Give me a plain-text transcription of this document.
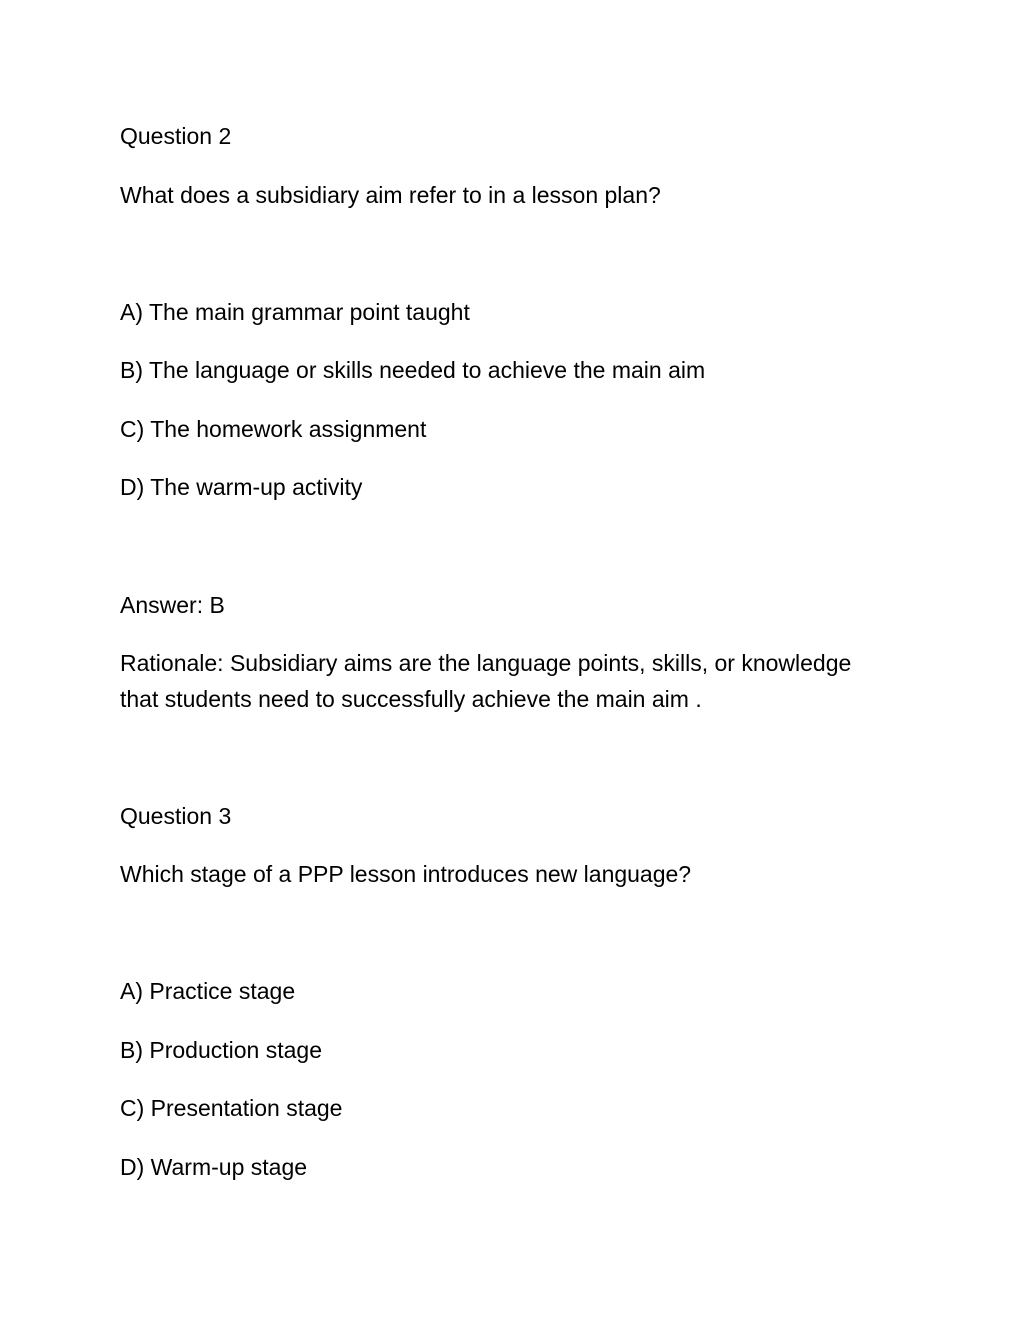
Question 2

What does a subsidiary aim refer to in a lesson plan?

A) The main grammar point taught

B) The language or skills needed to achieve the main aim

C) The homework assignment

D) The warm-up activity

Answer: B

Rationale: Subsidiary aims are the language points, skills, or knowledge

that students need to successfully achieve the main aim .

Question 3

Which stage of a PPP lesson introduces new language?

A) Practice stage

B) Production stage

C) Presentation stage

D) Warm-up stage
